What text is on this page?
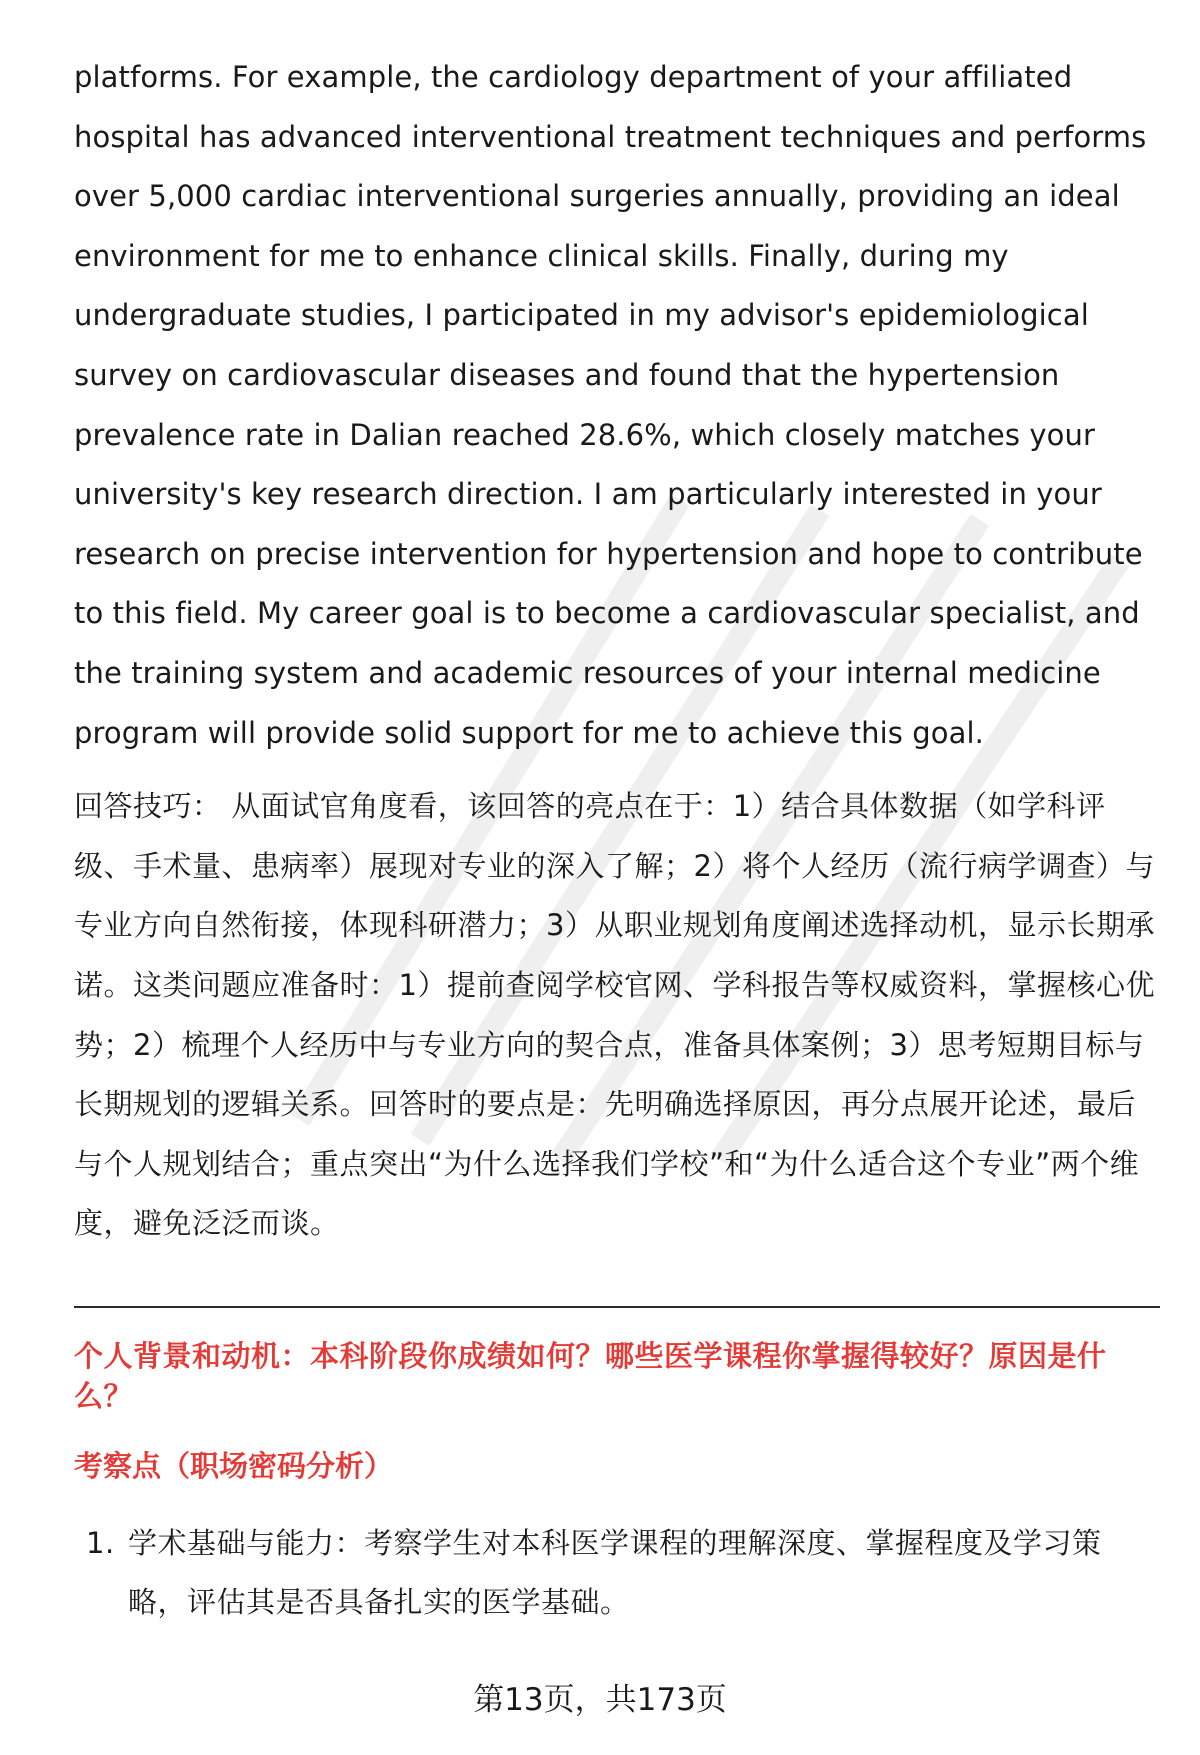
platforms. For example, the cardiology department of your affiliated hospital has advanced interventional treatment techniques and performs over 5,000 cardiac interventional surgeries annually, providing an ideal environment for me to enhance clinical skills. Finally, during my undergraduate studies, I participated in my advisor's epidemiological survey on cardiovascular diseases and found that the hypertension prevalence rate in Dalian reached 28.6%, which closely matches your university's key research direction. I am particularly interested in your research on precise intervention for hypertension and hope to contribute to this field. My career goal is to become a cardiovascular specialist, and the training system and academic resources of your internal medicine program will provide solid support for me to achieve this goal.

回答技巧： 从面试官角度看，该回答的亮点在于：1）结合具体数据（如学科评级、手术量、患病率）展现对专业的深入了解；2）将个人经历（流行病学调查）与专业方向自然衔接，体现科研潜力；3）从职业规划角度阐述选择动机，显示长期承诺。这类问题应准备时：1）提前查阅学校官网、学科报告等权威资料，掌握核心优势；2）梳理个人经历中与专业方向的契合点，准备具体案例；3）思考短期目标与长期规划的逻辑关系。回答时的要点是：先明确选择原因，再分点展开论述，最后与个人规划结合；重点突出“为什么选择我们学校”和“为什么适合这个专业”两个维度，避免泛泛而谈。

个人背景和动机：本科阶段你成绩如何？哪些医学课程你掌握得较好？原因是什么？
考察点（职场密码分析）
1. 学术基础与能力：考察学生对本科医学课程的理解深度、掌握程度及学习策略，评估其是否具备扎实的医学基础。
第13页，共173页
